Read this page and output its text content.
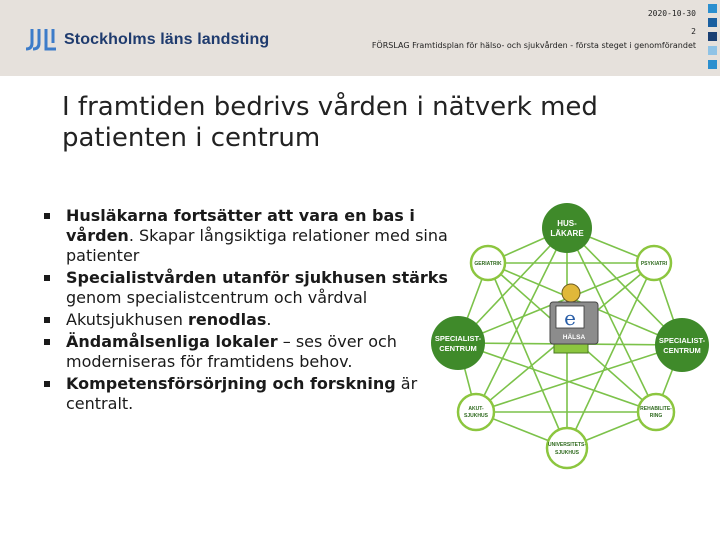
Stockholms läns landsting
2020-10-30
2
FÖRSLAG Framtidsplan för hälso- och sjukvården - första steget i genomförandet
I framtiden bedrivs vården i nätverk med patienten i centrum
Husläkarna fortsätter att vara en bas i vården. Skapar långsiktiga relationer med sina patienter
Specialistvården utanför sjukhusen stärks genom specialistcentrum och vårdval
Akutsjukhusen renodlas.
Ändamålsenliga lokaler – ses över och moderniseras för framtidens behov.
Kompetensförsörjning och forskning är centralt.
HUS-
LÄKARE
SPECIALIST-
CENTRUM
SPECIALIST-
CENTRUM
GERIATRIK	PSYKIATRI
AKUT-
SJUKHUS
REHABILITE-
RING
UNIVERSITETS-
SJUKHUS
e
HÄLSA
